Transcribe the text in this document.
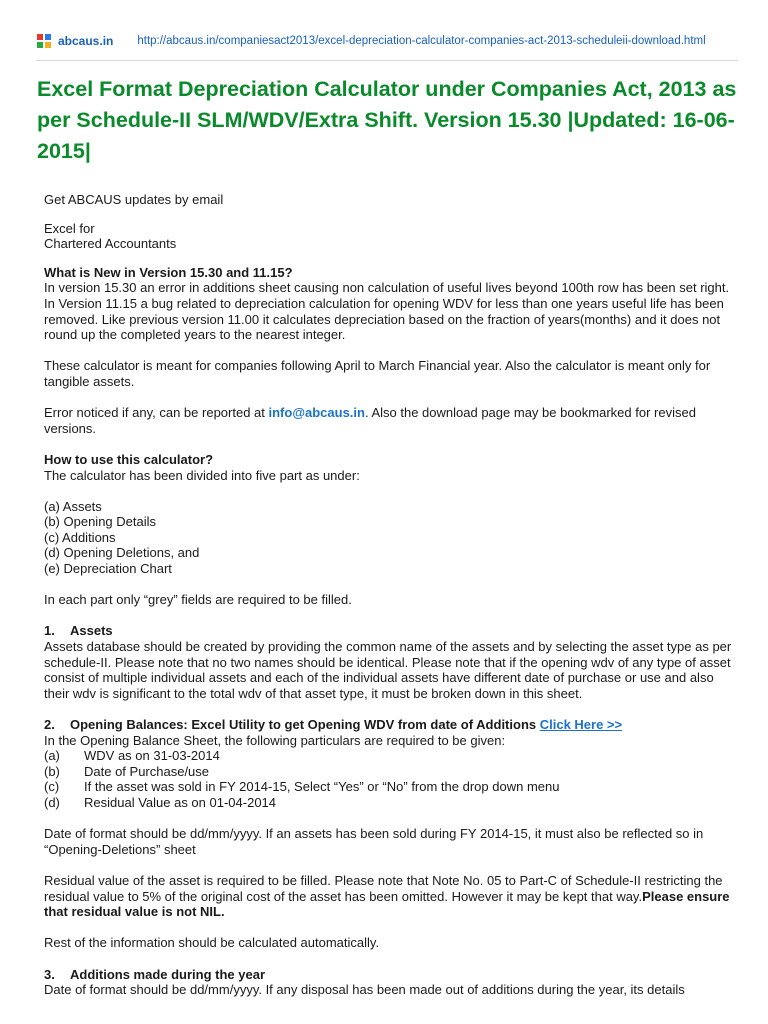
abcaus.in http://abcaus.in/companiesact2013/excel-depreciation-calculator-companies-act-2013-scheduleii-download.html
Excel Format Depreciation Calculator under Companies Act, 2013 as per Schedule-II SLM/WDV/Extra Shift. Version 15.30 |Updated: 16-06-2015|

Get ABCAUS updates by email

Excel for

Chartered Accountants

What is New in Version 15.30 and 11.15?

In version 15.30 an error in additions sheet causing non calculation of useful lives beyond 100th row has been set right.

In Version 11.15 a bug related to depreciation calculation for opening WDV for less than one years useful life has been removed. Like previous version 11.00 it calculates depreciation based on the fraction of years(months) and it does not round up the completed years to the nearest integer.

These calculator is meant for companies following April to March Financial year. Also the calculator is meant only for tangible assets.

Error noticed if any, can be reported at info@abcaus.in. Also the download page may be bookmarked for revised versions.

How to use this calculator?

The calculator has been divided into five part as under:

(a) Assets

(b) Opening Details

(c) Additions

(d) Opening Deletions, and

(e) Depreciation Chart

In each part only “grey” fields are required to be filled.

1. Assets

Assets database should be created by providing the common name of the assets and by selecting the asset type as per schedule-II. Please note that no two names should be identical. Please note that if the opening wdv of any type of asset consist of multiple individual assets and each of the individual assets have different date of purchase or use and also their wdv is significant to the total wdv of that asset type, it must be broken down in this sheet.

2. Opening Balances: Excel Utility to get Opening WDV from date of Additions Click Here >>

In the Opening Balance Sheet, the following particulars are required to be given:

(a)	WDV as on 31-03-2014
(b)	Date of Purchase/use
(c)	If the asset was sold in FY 2014-15, Select “Yes” or “No” from the drop down menu
(d)	Residual Value as on 01-04-2014

Date of format should be dd/mm/yyyy. If an assets has been sold during FY 2014-15, it must also be reflected so in “Opening-Deletions” sheet

Residual value of the asset is required to be filled. Please note that Note No. 05 to Part-C of Schedule-II restricting the residual value to 5% of the original cost of the asset has been omitted. However it may be kept that way.Please ensure that residual value is not NIL.

Rest of the information should be calculated automatically.

3. Additions made during the year

Date of format should be dd/mm/yyyy. If any disposal has been made out of additions during the year, its details
